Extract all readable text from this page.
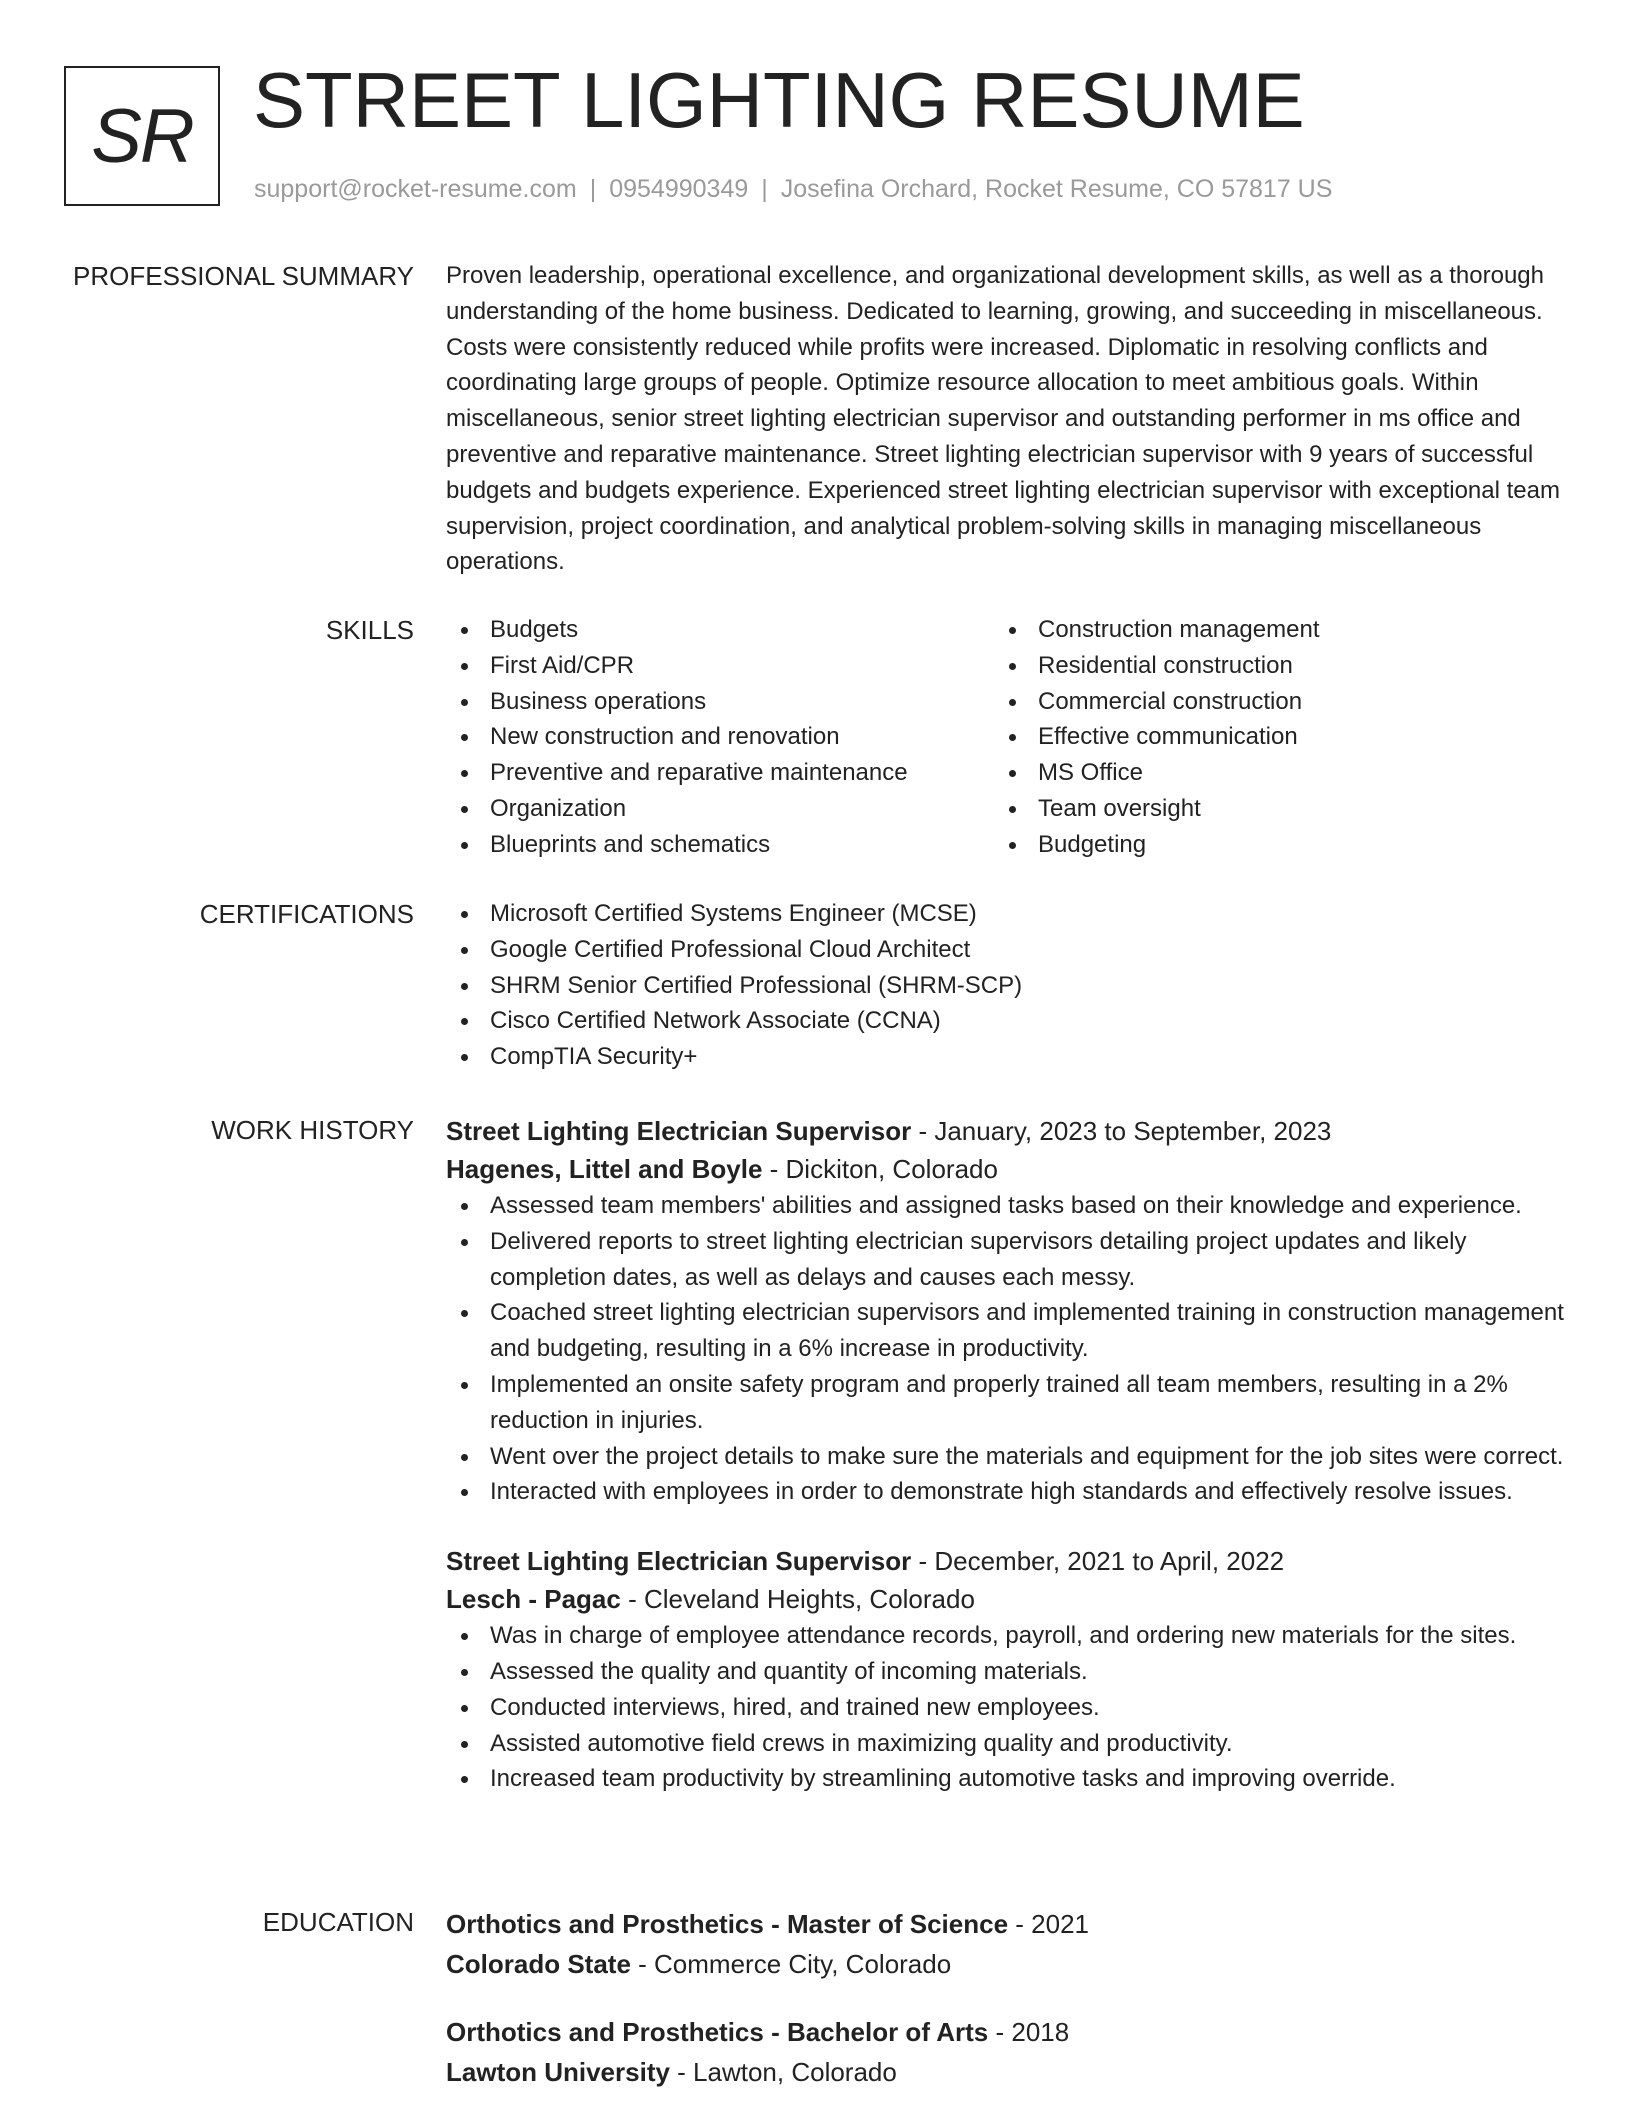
SR STREET LIGHTING RESUME
support@rocket-resume.com | 0954990349 | Josefina Orchard, Rocket Resume, CO 57817 US
PROFESSIONAL SUMMARY Proven leadership, operational excellence, and organizational development skills, as well as a thorough understanding of the home business. Dedicated to learning, growing, and succeeding in miscellaneous. Costs were consistently reduced while profits were increased. Diplomatic in resolving conflicts and coordinating large groups of people. Optimize resource allocation to meet ambitious goals. Within miscellaneous, senior street lighting electrician supervisor and outstanding performer in ms office and preventive and reparative maintenance. Street lighting electrician supervisor with 9 years of successful budgets and budgets experience. Experienced street lighting electrician supervisor with exceptional team supervision, project coordination, and analytical problem-solving skills in managing miscellaneous operations.

SKILLS	Budgets
First Aid/CPR
Business operations
New construction and renovation
Preventive and reparative maintenance
Organization
Blueprints and schematics
Construction management
Residential construction
Commercial construction
Effective communication
MS Office
Team oversight
Budgeting
CERTIFICATIONS	Microsoft Certified Systems Engineer (MCSE)
Google Certified Professional Cloud Architect
SHRM Senior Certified Professional (SHRM-SCP)
Cisco Certified Network Associate (CCNA)
CompTIA Security+
WORK HISTORY Street Lighting Electrician Supervisor - January, 2023 to September, 2023
Hagenes, Littel and Boyle - Dickiton, Colorado
Assessed team members' abilities and assigned tasks based on their knowledge and experience.
Delivered reports to street lighting electrician supervisors detailing project updates and likely completion dates, as well as delays and causes each messy.
Coached street lighting electrician supervisors and implemented training in construction management and budgeting, resulting in a 6% increase in productivity.
Implemented an onsite safety program and properly trained all team members, resulting in a 2% reduction in injuries.
Went over the project details to make sure the materials and equipment for the job sites were correct.
Interacted with employees in order to demonstrate high standards and effectively resolve issues.
Street Lighting Electrician Supervisor - December, 2021 to April, 2022
Lesch - Pagac - Cleveland Heights, Colorado
Was in charge of employee attendance records, payroll, and ordering new materials for the sites.
Assessed the quality and quantity of incoming materials.
Conducted interviews, hired, and trained new employees.
Assisted automotive field crews in maximizing quality and productivity.
Increased team productivity by streamlining automotive tasks and improving override.
EDUCATION Orthotics and Prosthetics - Master of Science - 2021
Colorado State - Commerce City, Colorado
Orthotics and Prosthetics - Bachelor of Arts - 2018
Lawton University - Lawton, Colorado
